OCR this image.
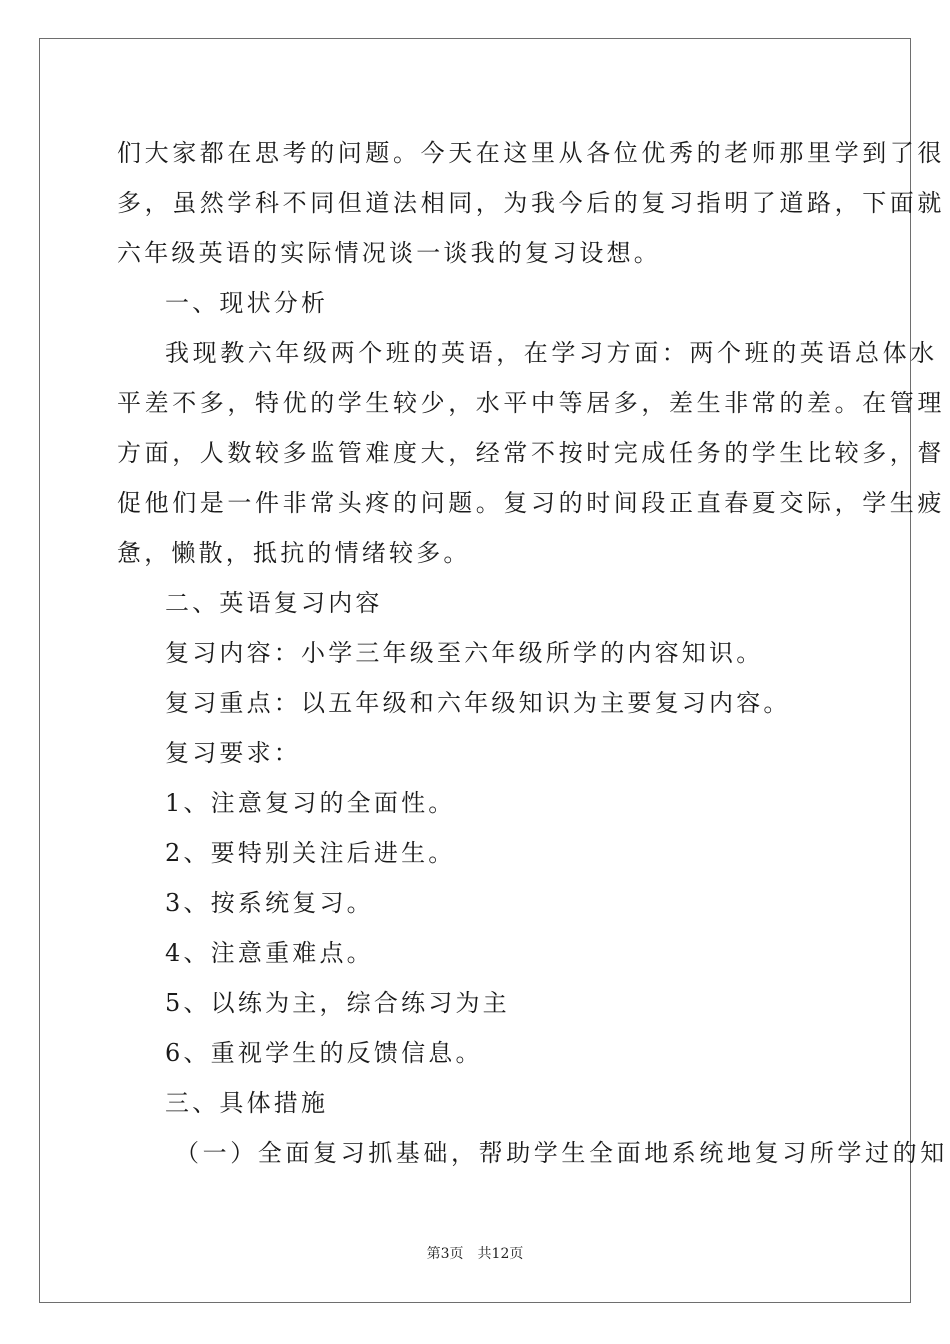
们大家都在思考的问题。今天在这里从各位优秀的老师那里学到了很
多，虽然学科不同但道法相同，为我今后的复习指明了道路，下面就
六年级英语的实际情况谈一谈我的复习设想。
一、现状分析
我现教六年级两个班的英语，在学习方面：两个班的英语总体水
平差不多，特优的学生较少，水平中等居多，差生非常的差。在管理
方面，人数较多监管难度大，经常不按时完成任务的学生比较多，督
促他们是一件非常头疼的问题。复习的时间段正直春夏交际，学生疲
惫，懒散，抵抗的情绪较多。
二、英语复习内容
复习内容：小学三年级至六年级所学的内容知识。
复习重点：以五年级和六年级知识为主要复习内容。
复习要求：
1、注意复习的全面性。
2、要特别关注后进生。
3、按系统复习。
4、注意重难点。
5、以练为主，综合练习为主
6、重视学生的反馈信息。
三、具体措施
（一）全面复习抓基础，帮助学生全面地系统地复习所学过的知
第3页 共12页
